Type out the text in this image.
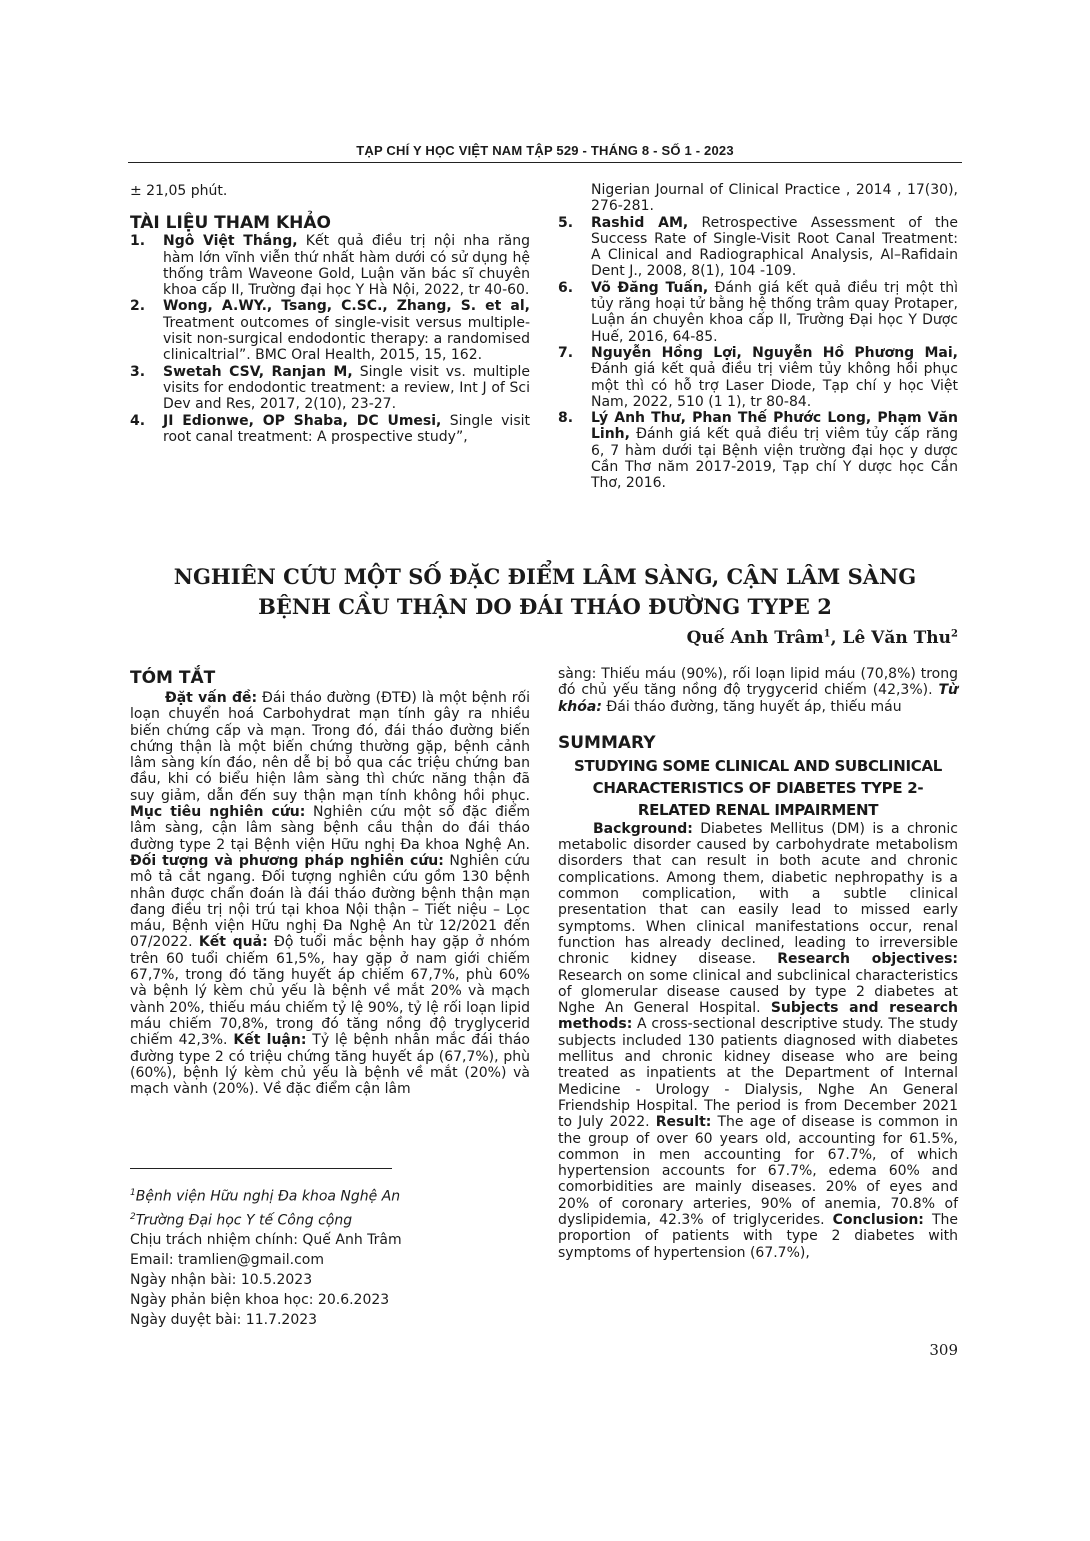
TẠP CHÍ Y HỌC VIỆT NAM TẬP 529 - THÁNG 8 - SỐ 1 - 2023

± 21,05 phút.

TÀI LIỆU THAM KHẢO
1. Ngô Việt Thắng, Kết quả điều trị nội nha răng hàm lớn vĩnh viễn thứ nhất hàm dưới có sử dụng hệ thống trâm Waveone Gold, Luận văn bác sĩ chuyên khoa cấp II, Trường đại học Y Hà Nội, 2022, tr 40-60.
2. Wong, A.WY., Tsang, C.SC., Zhang, S. et al, Treatment outcomes of single-visit versus multiple-visit non-surgical endodontic therapy: a randomised clinicaltrial”. BMC Oral Health, 2015, 15, 162.
3. Swetah CSV, Ranjan M, Single visit vs. multiple visits for endodontic treatment: a review, Int J of Sci Dev and Res, 2017, 2(10), 23-27.
4. JI Edionwe, OP Shaba, DC Umesi, Single visit root canal treatment: A prospective study”,
Nigerian Journal of Clinical Practice , 2014 , 17(30), 276-281.
5. Rashid AM, Retrospective Assessment of the Success Rate of Single-Visit Root Canal Treatment: A Clinical and Radiographical Analysis, Al–Rafidain Dent J., 2008, 8(1), 104 -109.
6. Võ Đăng Tuấn, Đánh giá kết quả điều trị một thì tủy răng hoại tử bằng hệ thống trâm quay Protaper, Luận án chuyên khoa cấp II, Trường Đại học Y Dược Huế, 2016, 64-85.
7. Nguyễn Hồng Lợi, Nguyễn Hồ Phương Mai, Đánh giá kết quả điều trị viêm tủy không hồi phục một thì có hỗ trợ Laser Diode, Tạp chí y học Việt Nam, 2022, 510 (1 1), tr 80-84.
8. Lý Anh Thư, Phan Thế Phước Long, Phạm Văn Linh, Đánh giá kết quả điều trị viêm tủy cấp răng 6, 7 hàm dưới tại Bệnh viện trường đại học y dược Cần Thơ năm 2017-2019, Tạp chí Y dược học Cần Thơ, 2016.
NGHIÊN CỨU MỘT SỐ ĐẶC ĐIỂM LÂM SÀNG, CẬN LÂM SÀNG
BỆNH CẦU THẬN DO ĐÁI THÁO ĐƯỜNG TYPE 2
Quế Anh Trâm$^1$, Lê Văn Thu$^2$
TÓM TẮT

Đặt vấn đề: Đái tháo đường (ĐTĐ) là một bệnh rối loạn chuyển hoá Carbohydrat mạn tính gây ra nhiều biến chứng cấp và mạn. Trong đó, đái tháo đường biến chứng thận là một biến chứng thường gặp, bệnh cảnh lâm sàng kín đáo, nên dễ bị bỏ qua các triệu chứng ban đầu, khi có biểu hiện lâm sàng thì chức năng thận đã suy giảm, dẫn đến suy thận mạn tính không hồi phục. Mục tiêu nghiên cứu: Nghiên cứu một số đặc điểm lâm sàng, cận lâm sàng bệnh cầu thận do đái tháo đường type 2 tại Bệnh viện Hữu nghị Đa khoa Nghệ An. Đối tượng và phương pháp nghiên cứu: Nghiên cứu mô tả cắt ngang. Đối tượng nghiên cứu gồm 130 bệnh nhân được chẩn đoán là đái tháo đường bệnh thận mạn đang điều trị nội trú tại khoa Nội thận – Tiết niệu – Lọc máu, Bệnh viện Hữu nghị Đa Nghệ An từ 12/2021 đến 07/2022. Kết quả: Độ tuổi mắc bệnh hay gặp ở nhóm trên 60 tuổi chiếm 61,5%, hay gặp ở nam giới chiếm 67,7%, trong đó tăng huyết áp chiếm 67,7%, phù 60% và bệnh lý kèm chủ yếu là bệnh về mắt 20% và mạch vành 20%, thiếu máu chiếm tỷ lệ 90%, tỷ lệ rối loạn lipid máu chiếm 70,8%, trong đó tăng nồng độ tryglycerid chiếm 42,3%. Kết luận: Tỷ lệ bệnh nhân mắc đái tháo đường type 2 có triệu chứng tăng huyết áp (67,7%), phù (60%), bệnh lý kèm chủ yếu là bệnh về mắt (20%) và mạch vành (20%). Về đặc điểm cận lâm

sàng: Thiếu máu (90%), rối loạn lipid máu (70,8%) trong đó chủ yếu tăng nồng độ trygycerid chiếm (42,3%). Từ khóa: Đái tháo đường, tăng huyết áp, thiếu máu

SUMMARY
STUDYING SOME CLINICAL AND SUBCLINICAL CHARACTERISTICS OF DIABETES TYPE 2-RELATED RENAL IMPAIRMENT

Background: Diabetes Mellitus (DM) is a chronic metabolic disorder caused by carbohydrate metabolism disorders that can result in both acute and chronic complications. Among them, diabetic nephropathy is a common complication, with a subtle clinical presentation that can easily lead to missed early symptoms. When clinical manifestations occur, renal function has already declined, leading to irreversible chronic kidney disease. Research objectives: Research on some clinical and subclinical characteristics of glomerular disease caused by type 2 diabetes at Nghe An General Hospital. Subjects and research methods: A cross-sectional descriptive study. The study subjects included 130 patients diagnosed with diabetes mellitus and chronic kidney disease who are being treated as inpatients at the Department of Internal Medicine - Urology - Dialysis, Nghe An General Friendship Hospital. The period is from December 2021 to July 2022. Result: The age of disease is common in the group of over 60 years old, accounting for 61.5%, common in men accounting for 67.7%, of which hypertension accounts for 67.7%, edema 60% and comorbidities are mainly diseases. 20% of eyes and 20% of coronary arteries, 90% of anemia, 70.8% of dyslipidemia, 42.3% of triglycerides. Conclusion: The proportion of patients with type 2 diabetes with symptoms of hypertension (67.7%),

$^1$Bệnh viện Hữu nghị Đa khoa Nghệ An
$^2$Trường Đại học Y tế Công cộng
Chịu trách nhiệm chính: Quế Anh Trâm
Email: tramlien@gmail.com
Ngày nhận bài: 10.5.2023
Ngày phản biện khoa học: 20.6.2023
Ngày duyệt bài: 11.7.2023
309
